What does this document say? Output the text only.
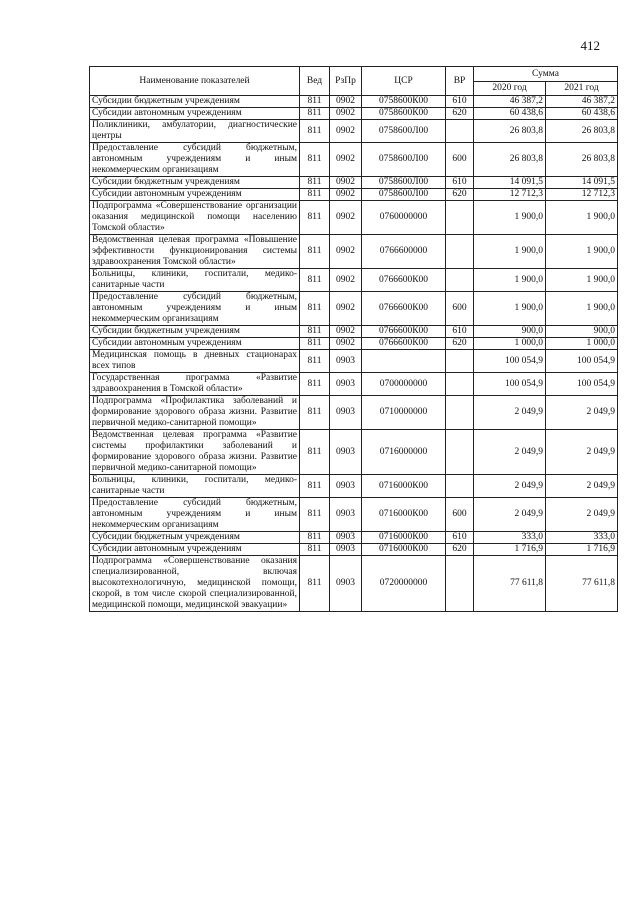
412
Наименование показателей	Вед	РзПр	ЦСР	ВР	Сумма	
					2020 год	2021 год
Субсидии бюджетным учреждениям	811	0902	0758600К00	610	46 387,2	46 387,2
Субсидии автономным учреждениям	811	0902	0758600К00	620	60 438,6	60 438,6
Поликлиники, амбулатории, диагностические центры	811	0902	0758600Л00		26 803,8	26 803,8
Предоставление субсидий бюджетным, автономным учреждениям и иным некоммерческим организациям	811	0902	0758600Л00	600	26 803,8	26 803,8
Субсидии бюджетным учреждениям	811	0902	0758600Л00	610	14 091,5	14 091,5
Субсидии автономным учреждениям	811	0902	0758600Л00	620	12 712,3	12 712,3
Подпрограмма «Совершенствование организации оказания медицинской помощи населению Томской области»	811	0902	0760000000		1 900,0	1 900,0
Ведомственная целевая программа «Повышение эффективности функционирования системы здравоохранения Томской области»	811	0902	0766600000		1 900,0	1 900,0
Больницы, клиники, госпитали, медико-санитарные части	811	0902	0766600К00		1 900,0	1 900,0
Предоставление субсидий бюджетным, автономным учреждениям и иным некоммерческим организациям	811	0902	0766600К00	600	1 900,0	1 900,0
Субсидии бюджетным учреждениям	811	0902	0766600К00	610	900,0	900,0
Субсидии автономным учреждениям	811	0902	0766600К00	620	1 000,0	1 000,0
Медицинская помощь в дневных стационарах всех типов	811	0903			100 054,9	100 054,9
Государственная программа «Развитие здравоохранения в Томской области»	811	0903	0700000000		100 054,9	100 054,9
Подпрограмма «Профилактика заболеваний и формирование здорового образа жизни. Развитие первичной медико-санитарной помощи»	811	0903	0710000000		2 049,9	2 049,9
Ведомственная целевая программа «Развитие системы профилактики заболеваний и формирование здорового образа жизни. Развитие первичной медико-санитарной помощи»	811	0903	0716000000		2 049,9	2 049,9
Больницы, клиники, госпитали, медико-санитарные части	811	0903	0716000К00		2 049,9	2 049,9
Предоставление субсидий бюджетным, автономным учреждениям и иным некоммерческим организациям	811	0903	0716000К00	600	2 049,9	2 049,9
Субсидии бюджетным учреждениям	811	0903	0716000К00	610	333,0	333,0
Субсидии автономным учреждениям	811	0903	0716000К00	620	1 716,9	1 716,9
Подпрограмма «Совершенствование оказания специализированной, включая высокотехнологичную, медицинской помощи, скорой, в том числе скорой специализированной, медицинской помощи, медицинской эвакуации»	811	0903	0720000000		77 611,8	77 611,8
